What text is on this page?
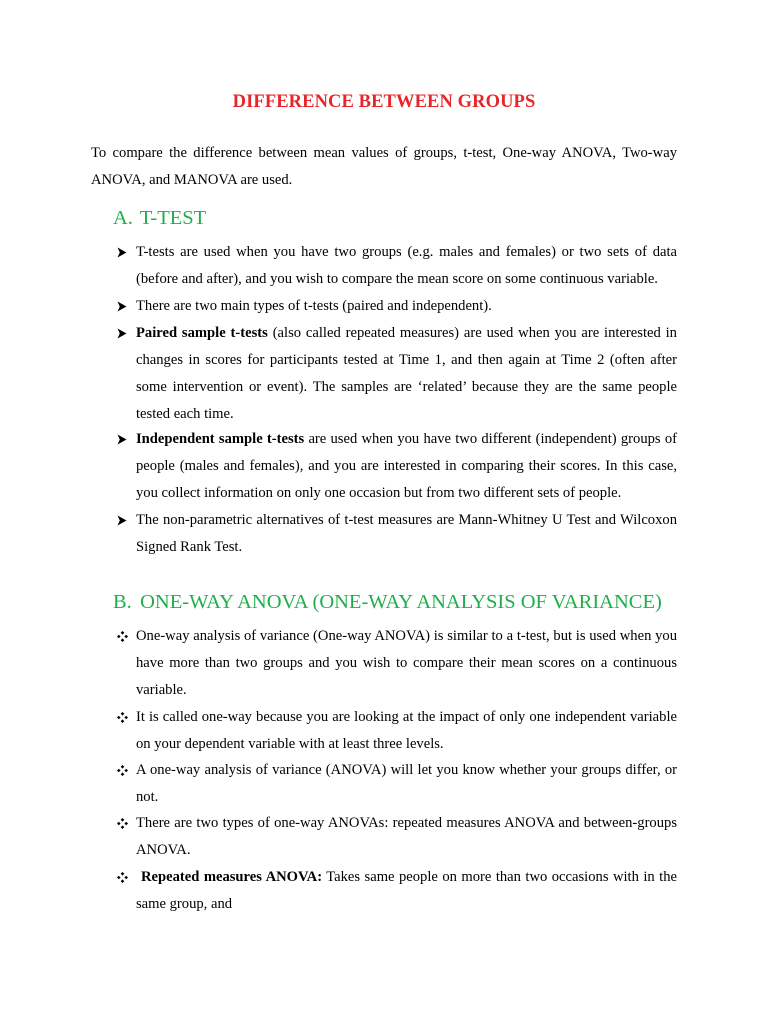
DIFFERENCE BETWEEN GROUPS

To compare the difference between mean values of groups, t-test, One-way ANOVA, Two-way ANOVA, and MANOVA are used.

A. T-TEST
T-tests are used when you have two groups (e.g. males and females) or two sets of data (before and after), and you wish to compare the mean score on some continuous variable.
There are two main types of t-tests (paired and independent).
Paired sample t-tests (also called repeated measures) are used when you are interested in changes in scores for participants tested at Time 1, and then again at Time 2 (often after some intervention or event). The samples are ‘related’ because they are the same people tested each time.
Independent sample t-tests are used when you have two different (independent) groups of people (males and females), and you are interested in comparing their scores. In this case, you collect information on only one occasion but from two different sets of people.
The non-parametric alternatives of t-test measures are Mann-Whitney U Test and Wilcoxon Signed Rank Test.
B. ONE-WAY ANOVA (ONE-WAY ANALYSIS OF VARIANCE)
One-way analysis of variance (One-way ANOVA) is similar to a t-test, but is used when you have more than two groups and you wish to compare their mean scores on a continuous variable.
It is called one-way because you are looking at the impact of only one independent variable on your dependent variable with at least three levels.
A one-way analysis of variance (ANOVA) will let you know whether your groups differ, or not.
There are two types of one-way ANOVAs: repeated measures ANOVA and between-groups ANOVA.
Repeated measures ANOVA: Takes same people on more than two occasions with in the same group, and
